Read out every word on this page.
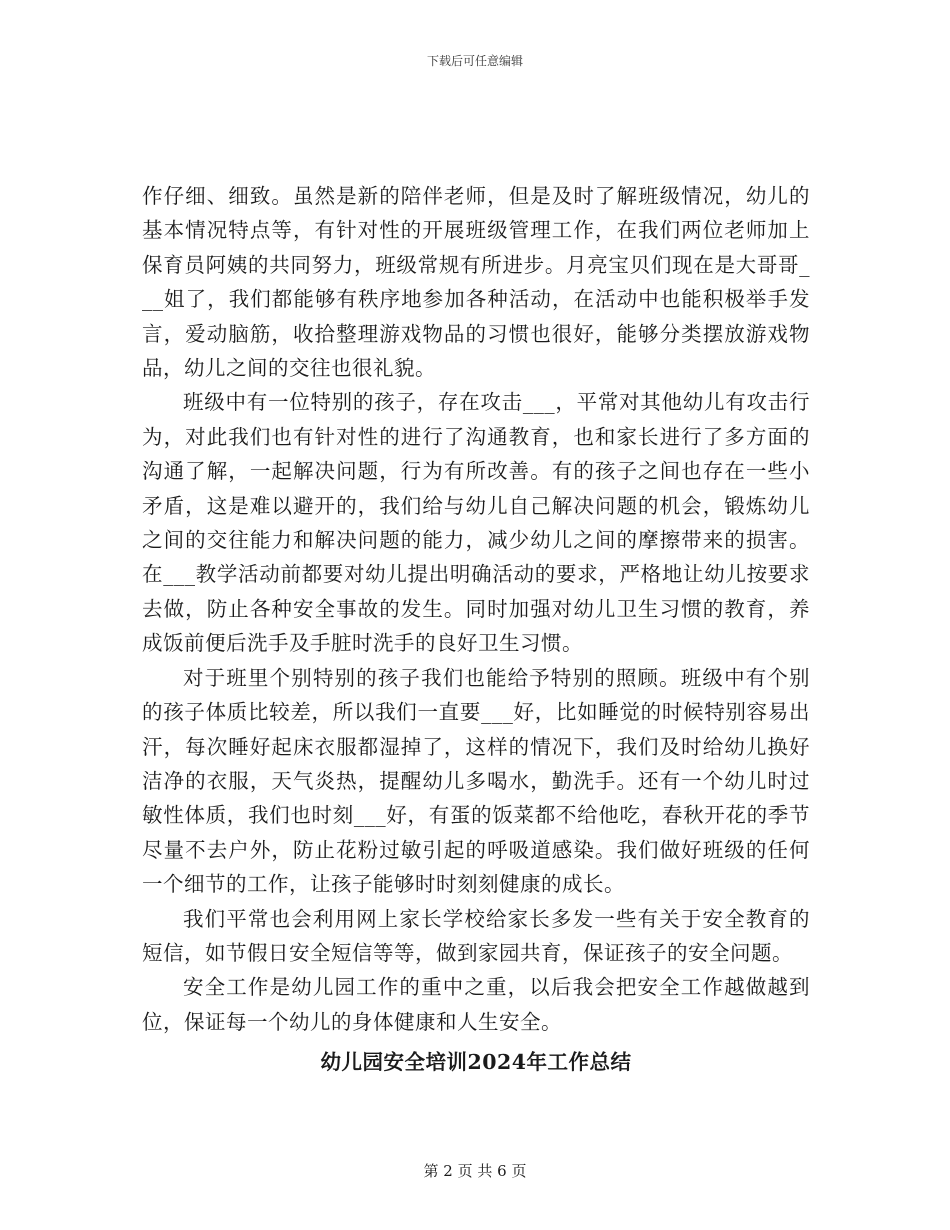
下载后可任意编辑

作仔细、细致。虽然是新的陪伴老师，但是及时了解班级情况，幼儿的基本情况特点等，有针对性的开展班级管理工作，在我们两位老师加上保育员阿姨的共同努力，班级常规有所进步。月亮宝贝们现在是大哥哥___姐了，我们都能够有秩序地参加各种活动，在活动中也能积极举手发言，爱动脑筋，收拾整理游戏物品的习惯也很好，能够分类摆放游戏物品，幼儿之间的交往也很礼貌。

班级中有一位特别的孩子，存在攻击___，平常对其他幼儿有攻击行为，对此我们也有针对性的进行了沟通教育，也和家长进行了多方面的沟通了解，一起解决问题，行为有所改善。有的孩子之间也存在一些小矛盾，这是难以避开的，我们给与幼儿自己解决问题的机会，锻炼幼儿之间的交往能力和解决问题的能力，减少幼儿之间的摩擦带来的损害。在___教学活动前都要对幼儿提出明确活动的要求，严格地让幼儿按要求去做，防止各种安全事故的发生。同时加强对幼儿卫生习惯的教育，养成饭前便后洗手及手脏时洗手的良好卫生习惯。

对于班里个别特别的孩子我们也能给予特别的照顾。班级中有个别的孩子体质比较差，所以我们一直要___好，比如睡觉的时候特别容易出汗，每次睡好起床衣服都湿掉了，这样的情况下，我们及时给幼儿换好洁净的衣服，天气炎热，提醒幼儿多喝水，勤洗手。还有一个幼儿时过敏性体质，我们也时刻___好，有蛋的饭菜都不给他吃，春秋开花的季节尽量不去户外，防止花粉过敏引起的呼吸道感染。我们做好班级的任何一个细节的工作，让孩子能够时时刻刻健康的成长。

我们平常也会利用网上家长学校给家长多发一些有关于安全教育的短信，如节假日安全短信等等，做到家园共育，保证孩子的安全问题。

安全工作是幼儿园工作的重中之重，以后我会把安全工作越做越到位，保证每一个幼儿的身体健康和人生安全。

幼儿园安全培训2024年工作总结
第 2 页 共 6 页
